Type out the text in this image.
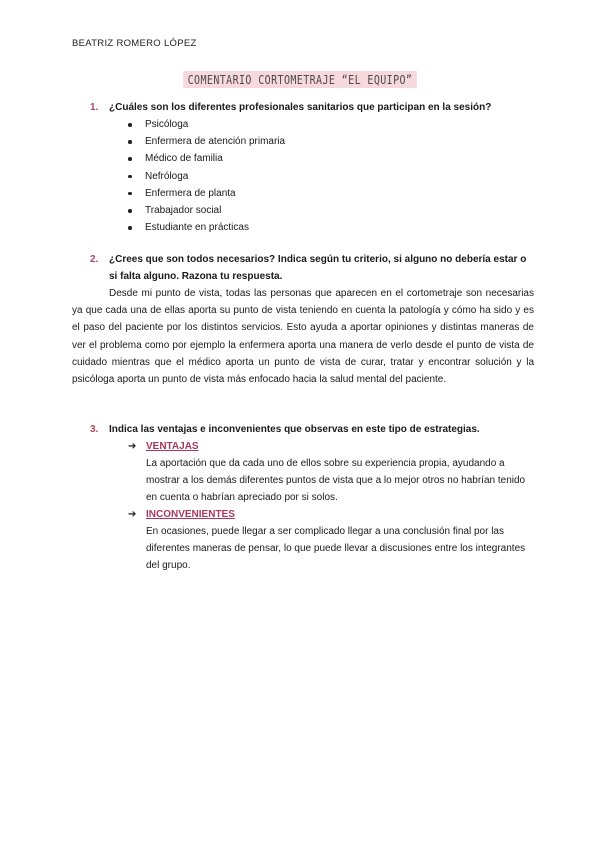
BEATRIZ ROMERO LÓPEZ
COMENTARIO CORTOMETRAJE “EL EQUIPO”
1.	¿Cuáles son los diferentes profesionales sanitarios que participan en la sesión?
Psicóloga
Enfermera de atención primaria
Médico de familia
Nefróloga
Enfermera de planta
Trabajador social
Estudiante en prácticas
2.	¿Crees que son todos necesarios? Indica según tu criterio, si alguno no debería estar o si falta alguno. Razona tu respuesta.
Desde mi punto de vista, todas las personas que aparecen en el cortometraje son necesarias ya que cada una de ellas aporta su punto de vista teniendo en cuenta la patología y cómo ha sido y es el paso del paciente por los distintos servicios. Esto ayuda a aportar opiniones y distintas maneras de ver el problema como por ejemplo la enfermera aporta una manera de verlo desde el punto de vista de cuidado mientras que el médico aporta un punto de vista de curar, tratar y encontrar solución y la psicóloga aporta un punto de vista más enfocado hacia la salud mental del paciente.
3.	Indica las ventajas e inconvenientes que observas en este tipo de estrategias.
➔ VENTAJAS
La aportación que da cada uno de ellos sobre su experiencia propia, ayudando a mostrar a los demás diferentes puntos de vista que a lo mejor otros no habrían tenido en cuenta o habrían apreciado por si solos.
➔ INCONVENIENTES
En ocasiones, puede llegar a ser complicado llegar a una conclusión final por las diferentes maneras de pensar, lo que puede llevar a discusiones entre los integrantes del grupo.
